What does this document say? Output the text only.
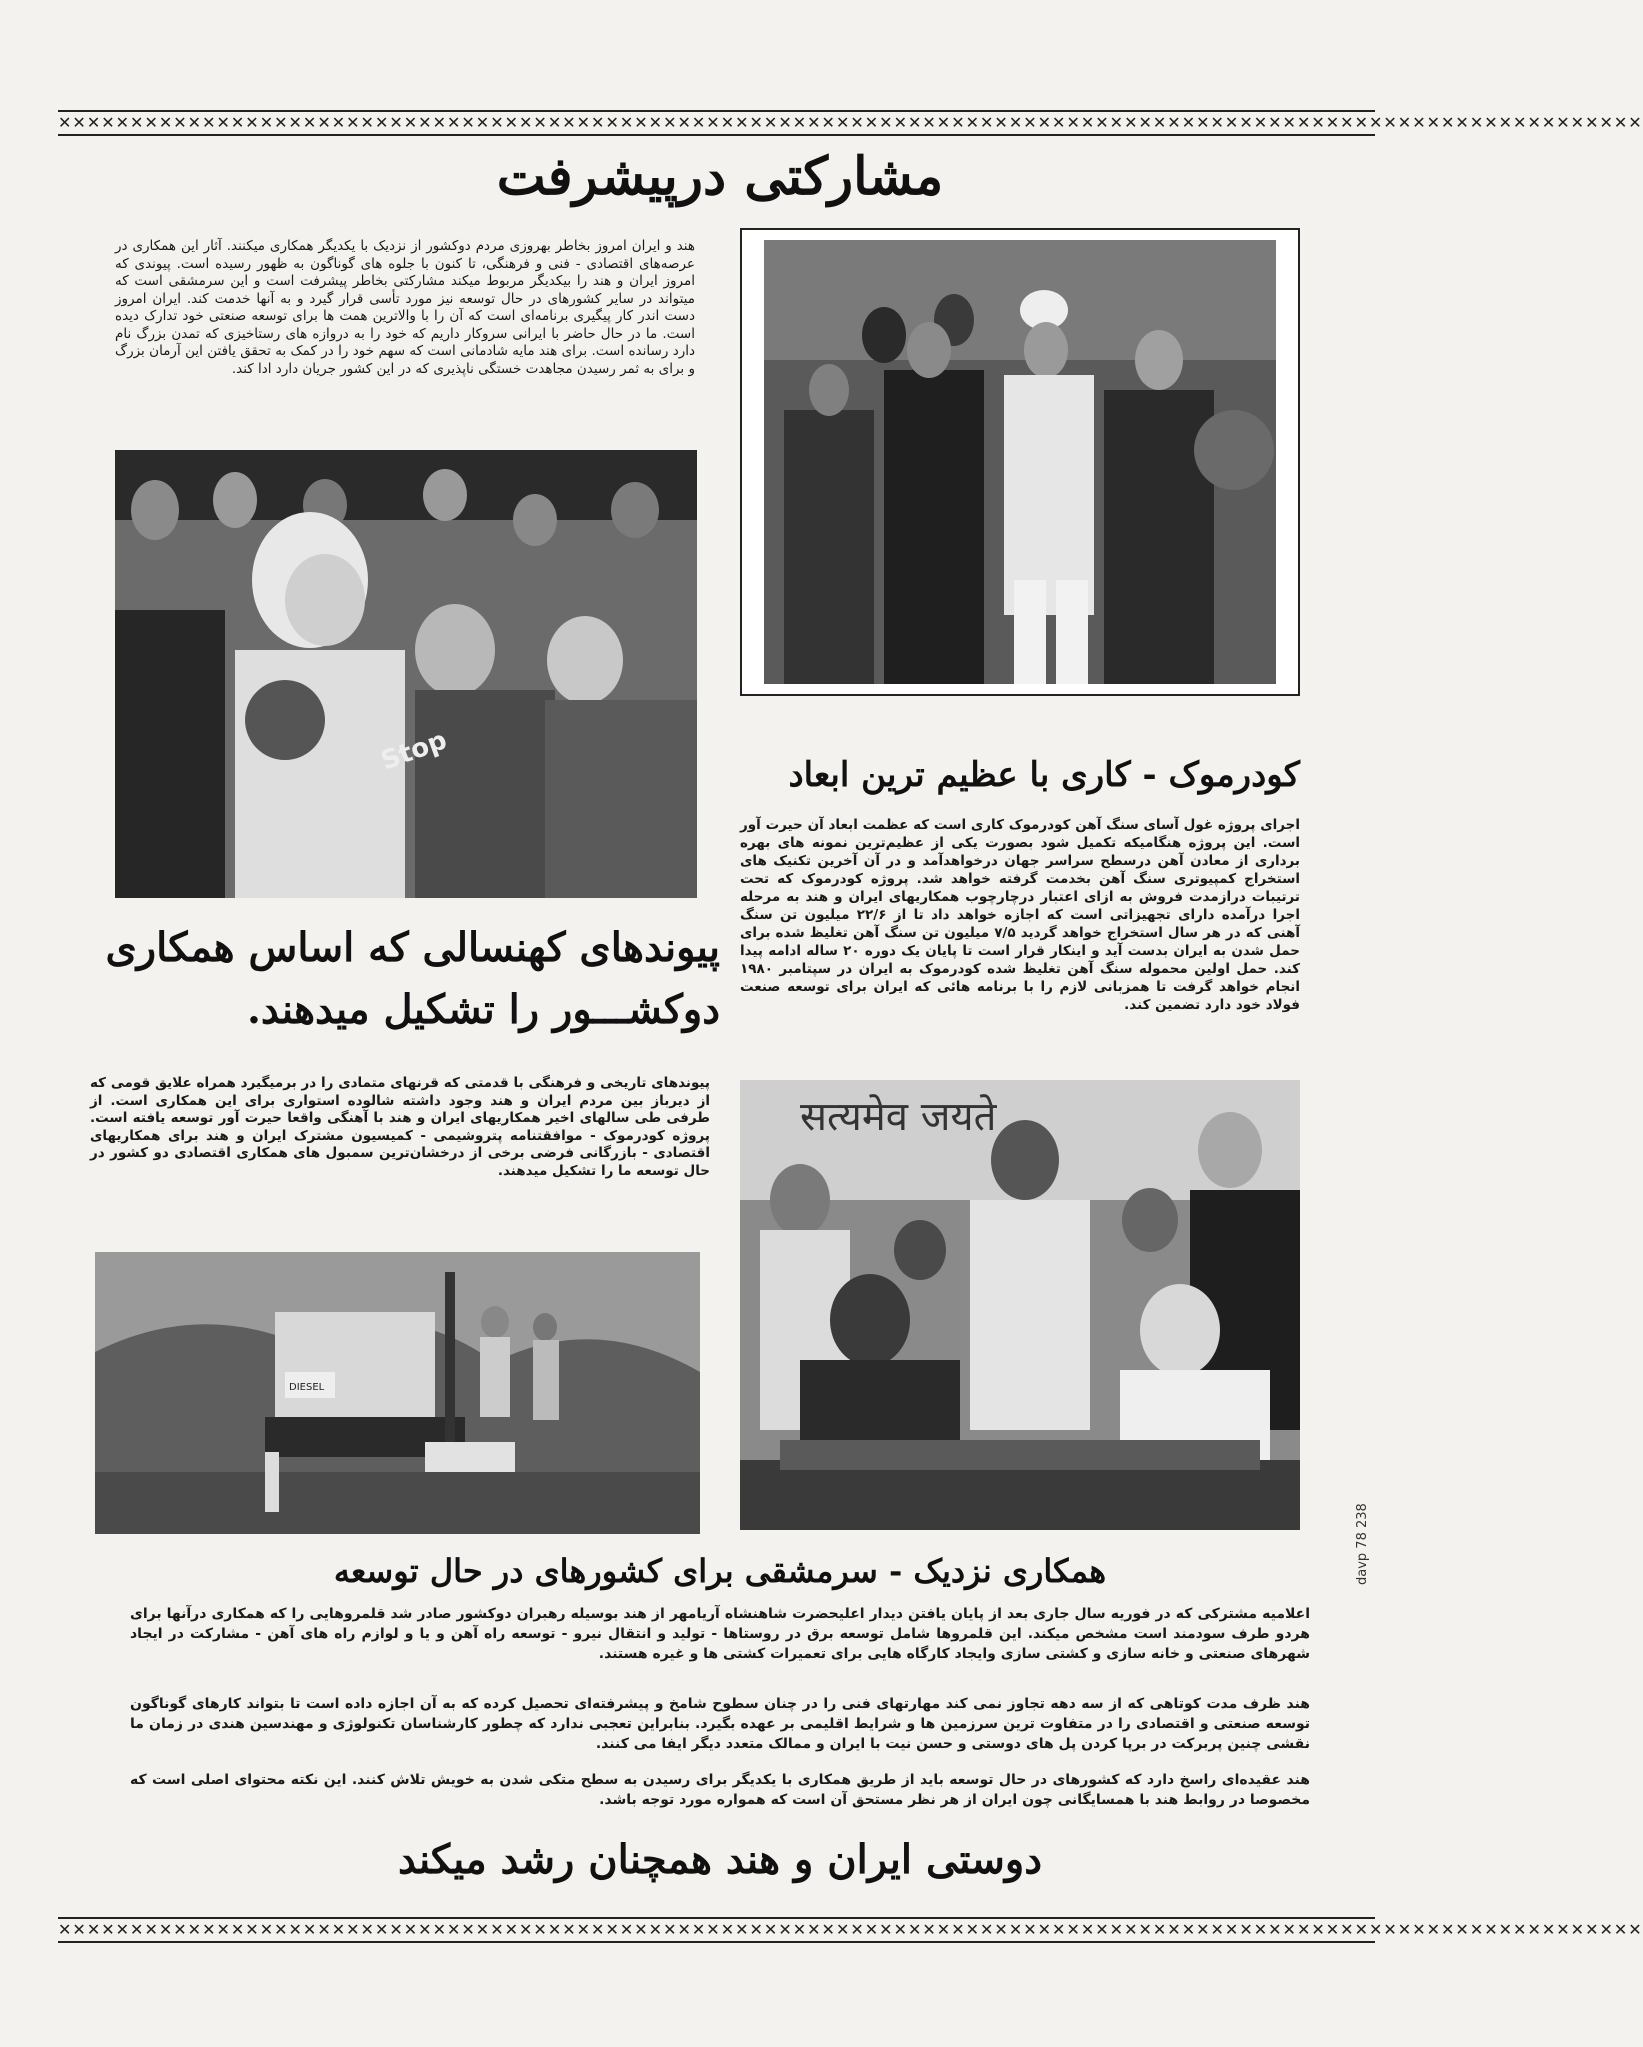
✕✕✕✕✕✕✕✕✕✕✕✕✕✕✕✕✕✕✕✕✕✕✕✕✕✕✕✕✕✕✕✕✕✕✕✕✕✕✕✕✕✕✕✕✕✕✕✕✕✕✕✕✕✕✕✕✕✕✕✕✕✕✕✕✕✕✕✕✕✕✕✕✕✕✕✕✕✕✕✕✕✕✕✕✕✕✕✕✕✕✕✕✕✕✕✕✕✕✕✕✕✕✕✕✕✕✕✕✕✕
مشارکتی درپیشرفت
هند و ایران امروز بخاطر بهروزی مردم دوکشور از نزدیک با یکدیگر همکاری میکنند. آثار این همکاری در عرصه‌های اقتصادی - فنی و فرهنگی، تا کنون با جلوه های گوناگون به ظهور رسیده است. پیوندی که امروز ایران و هند را بیکدیگر مربوط میکند مشارکتی بخاطر پیشرفت است و این سرمشقی است که میتواند در سایر کشورهای در حال توسعه نیز مورد تأسی قرار گیرد و به آنها خدمت کند. ایران امروز دست اندر کار پیگیری برنامه‌ای است که آن را با والاترین همت ها برای توسعه صنعتی خود تدارک دیده است. ما در حال حاضر با ایرانی سروکار داریم که خود را به دروازه های رستاخیزی که تمدن بزرگ نام دارد رسانده است. برای هند مایه شادمانی است که سهم خود را در کمک به تحقق یافتن این آرمان بزرگ و برای به ثمر رسیدن مجاهدت خستگی ناپذیری که در این کشور جریان دارد ادا کند.
Stop	کودرموک - کاری با عظیم ترین ابعاد
اجرای پروژه غول آسای سنگ آهن کودرموک کاری است که عظمت ابعاد آن حیرت آور است. این پروژه هنگامیکه تکمیل شود بصورت یکی از عظیم‌ترین نمونه های بهره برداری از معادن آهن درسطح سراسر جهان درخواهدآمد و در آن آخرین تکنیک های استخراج کمپیوتری سنگ آهن بخدمت گرفته خواهد شد. پروژه کودرموک که تحت ترتیبات درازمدت فروش به ازای اعتبار درچارچوب همکاریهای ایران و هند به مرحله اجرا درآمده دارای تجهیزاتی است که اجازه خواهد داد تا از ۲۲/۶ میلیون تن سنگ آهنی که در هر سال استخراج خواهد گردید ۷/۵ میلیون تن سنگ آهن تغلیظ شده برای حمل شدن به ایران بدست آید و اینکار قرار است تا پایان یک دوره ۲۰ ساله ادامه پیدا کند. حمل اولین محموله سنگ آهن تغلیظ شده کودرموک به ایران در سپتامبر ۱۹۸۰ انجام خواهد گرفت تا همزبانی لازم را با برنامه هائی که ایران برای توسعه صنعت فولاد خود دارد تضمین کند.
پیوندهای کهنسالی که اساس همکاری
دوکشـــور را تشکیل میدهند.
پیوندهای تاریخی و فرهنگی با قدمتی که قرنهای متمادی را در برمیگیرد همراه علایق قومی که از دیرباز بین مردم ایران و هند وجود داشته شالوده استواری برای این همکاری است. از طرفی طی سالهای اخیر همکاریهای ایران و هند با آهنگی واقعا حیرت آور توسعه یافته است. پروژه کودرموک - موافقتنامه پتروشیمی - کمیسیون مشترک ایران و هند برای همکاریهای اقتصادی - بازرگانی فرضی برخی از درخشان‌ترین سمبول های همکاری اقتصادی دو کشور در حال توسعه ما را تشکیل میدهند.
सत्यमेव जयते
DIESEL
همکاری نزدیک - سرمشقی برای کشورهای در حال توسعه
اعلامیه مشترکی که در فوریه سال جاری بعد از پایان یافتن دیدار اعلیحضرت شاهنشاه آریامهر از هند بوسیله رهبران دوکشور صادر شد قلمروهایی را که همکاری درآنها برای هردو طرف سودمند است مشخص میکند. این قلمروها شامل توسعه برق در روستاها - تولید و انتقال نیرو - توسعه راه آهن و یا و لوازم راه های آهن - مشارکت در ایجاد شهرهای صنعتی و خانه سازی و کشتی سازی وایجاد کارگاه هایی برای تعمیرات کشتی ها و غیره هستند.
هند ظرف مدت کوتاهی که از سه دهه تجاوز نمی کند مهارتهای فنی را در چنان سطوح شامخ و پیشرفته‌ای تحصیل کرده که به آن اجازه داده است تا بتواند کارهای گوناگون توسعه صنعتی و اقتصادی را در متفاوت ترین سرزمین ها و شرایط اقلیمی بر عهده بگیرد. بنابراین تعجبی ندارد که چطور کارشناسان تکنولوژی و مهندسین هندی در زمان ما نقشی چنین پربرکت در برپا کردن پل های دوستی و حسن نیت با ایران و ممالک متعدد دیگر ایفا می کنند.
هند عقیده‌ای راسخ دارد که کشورهای در حال توسعه باید از طریق همکاری با یکدیگر برای رسیدن به سطح متکی شدن به خویش تلاش کنند. این نکته محتوای اصلی است که مخصوصا در روابط هند با همسایگانی چون ایران از هر نظر مستحق آن است که همواره مورد توجه باشد.
دوستی ایران و هند همچنان رشد میکند
davp 78 238
✕✕✕✕✕✕✕✕✕✕✕✕✕✕✕✕✕✕✕✕✕✕✕✕✕✕✕✕✕✕✕✕✕✕✕✕✕✕✕✕✕✕✕✕✕✕✕✕✕✕✕✕✕✕✕✕✕✕✕✕✕✕✕✕✕✕✕✕✕✕✕✕✕✕✕✕✕✕✕✕✕✕✕✕✕✕✕✕✕✕✕✕✕✕✕✕✕✕✕✕✕✕✕✕✕✕✕✕✕✕
